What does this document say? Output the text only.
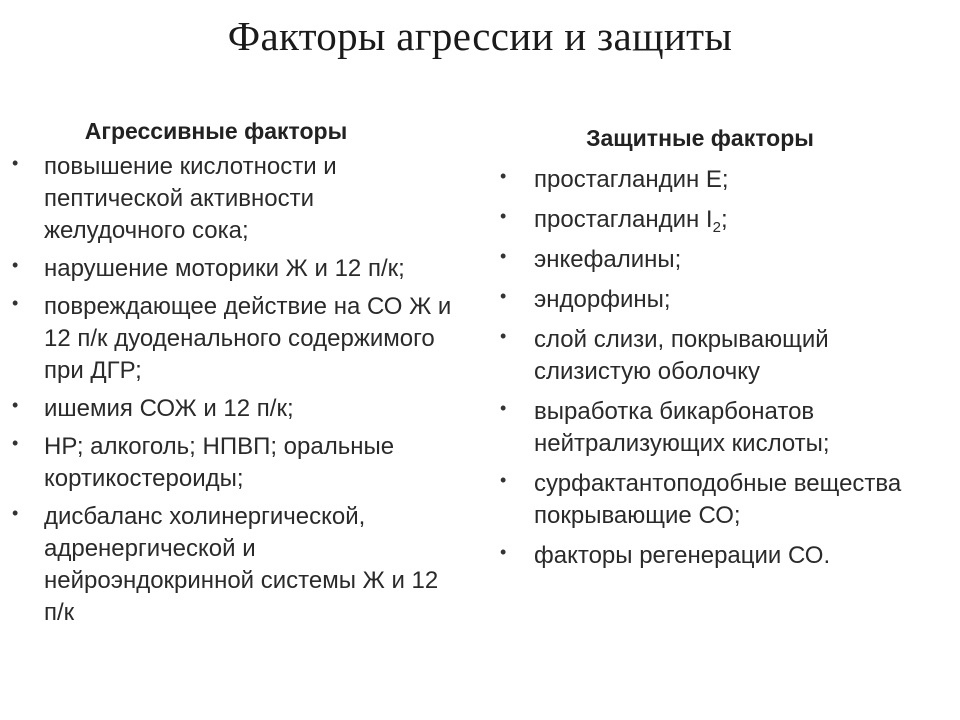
Факторы агрессии и защиты
Агрессивные факторы
• повышение кислотности и пептической активности желудочного сока;
• нарушение моторики Ж и 12 п/к;
• повреждающее действие на СО Ж и 12 п/к дуоденального содержимого при ДГР;
• ишемия СОЖ и 12 п/к;
• НР; алкоголь; НПВП; оральные кортикостероиды;
• дисбаланс холинергической, адренергической и нейроэндокринной системы Ж и 12 п/к
Защитные факторы
• простагландин Е;
• простагландин $I_2$;
• энкефалины;
• эндорфины;
• слой слизи, покрывающий слизистую оболочку
• выработка бикарбонатов нейтрализующих кислоты;
• сурфактантоподобные вещества покрывающие СО;
• факторы регенерации СО.
